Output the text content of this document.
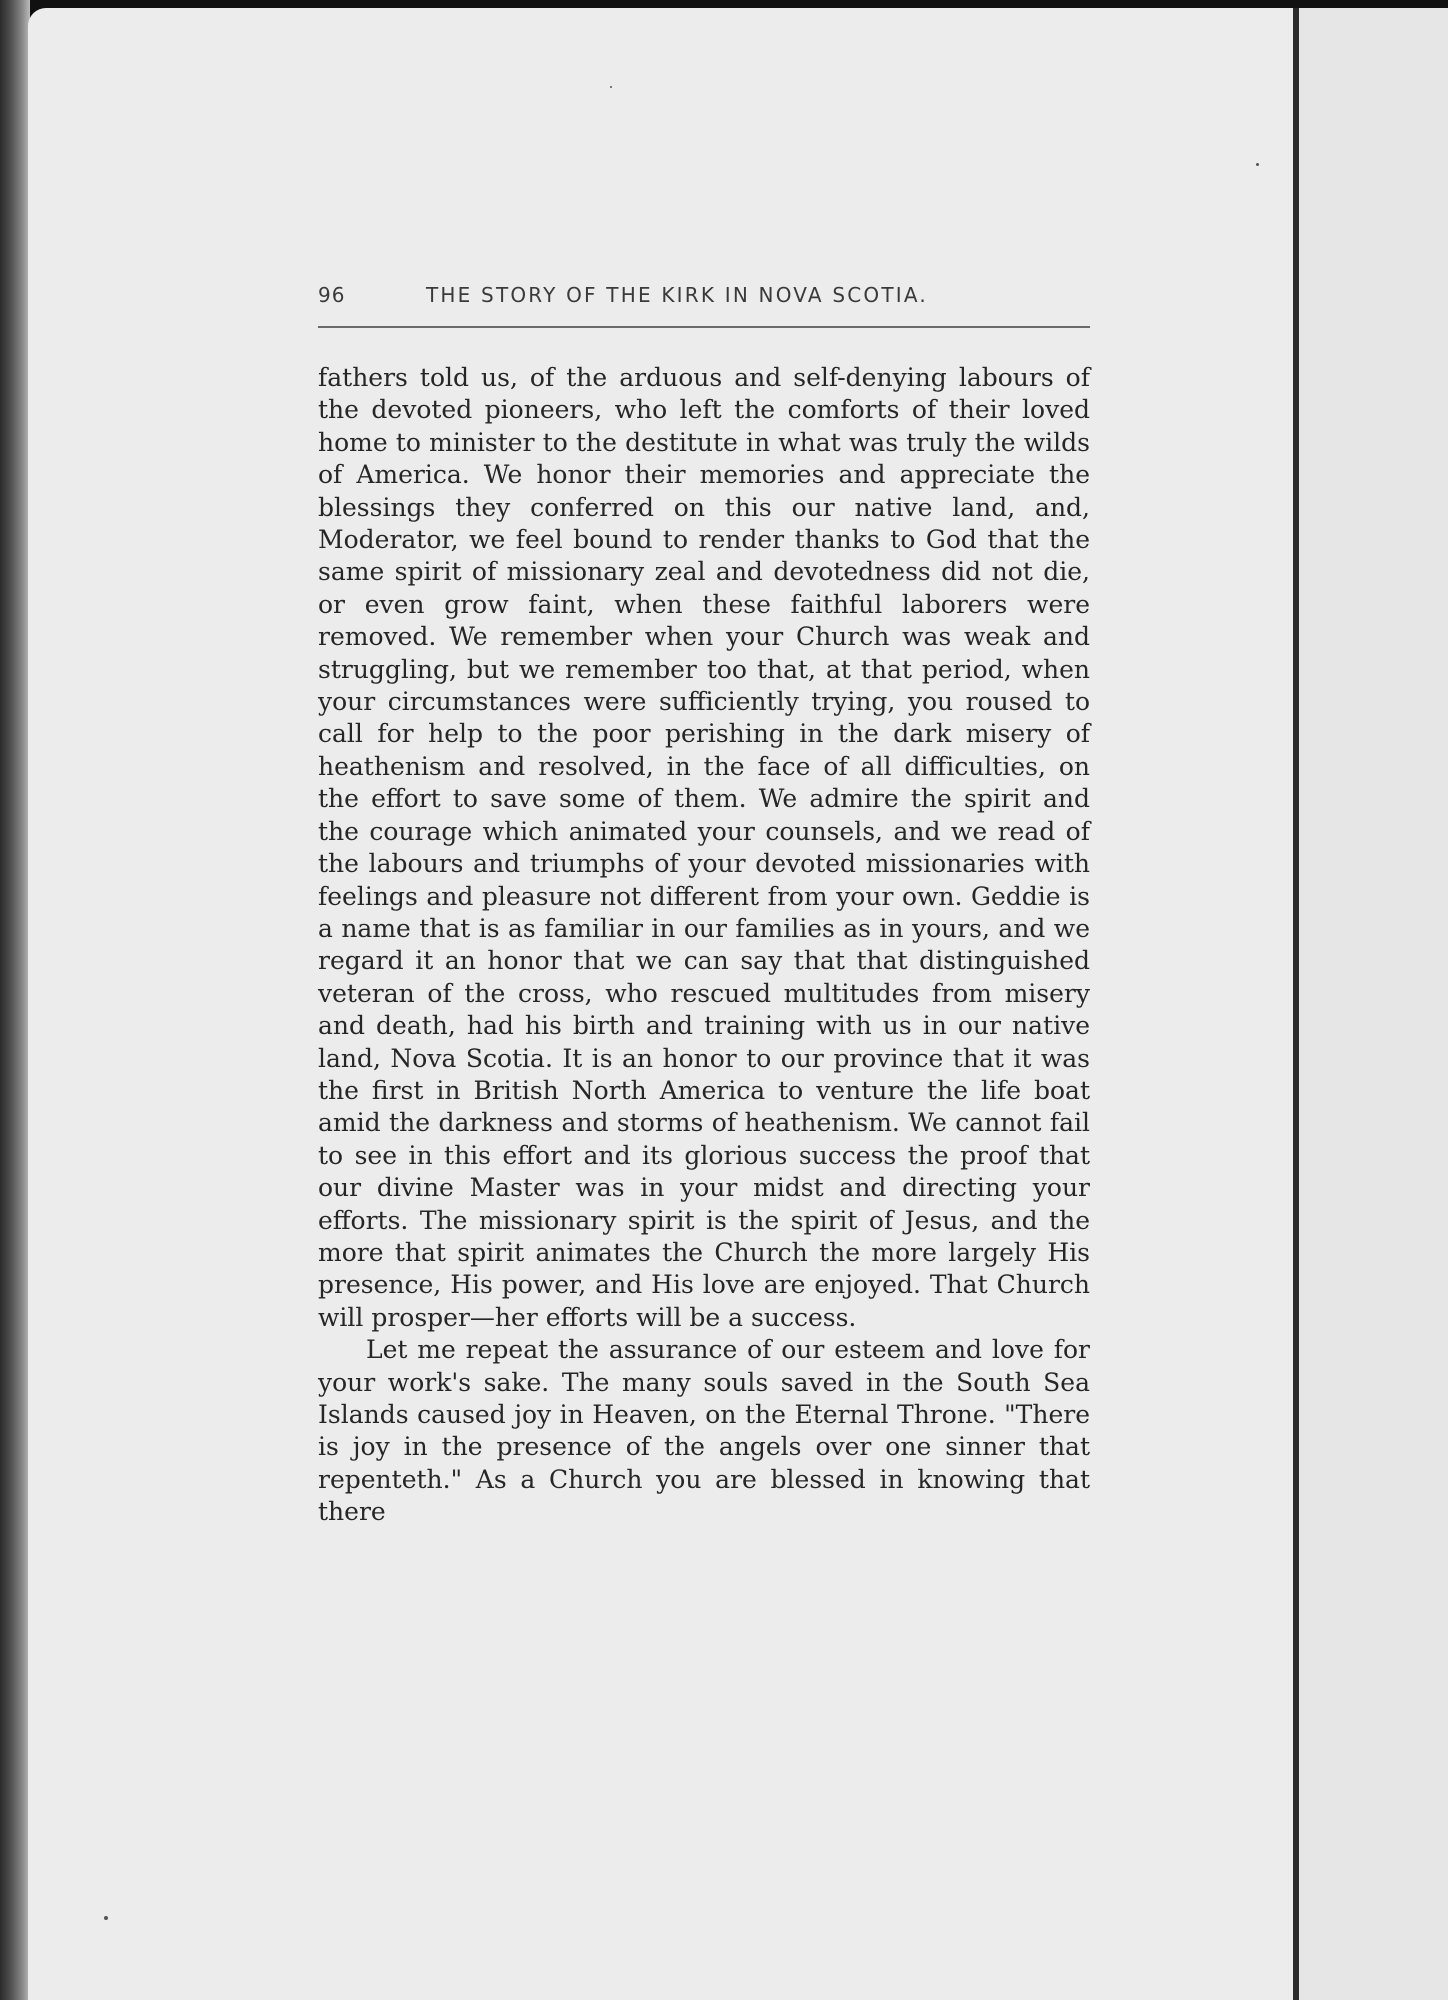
96	THE STORY OF THE KIRK IN NOVA SCOTIA.

fathers told us, of the arduous and self-denying labours of the devoted pioneers, who left the comforts of their loved home to minister to the destitute in what was truly the wilds of America. We honor their memories and appreciate the blessings they conferred on this our native land, and, Moderator, we feel bound to render thanks to God that the same spirit of missionary zeal and devotedness did not die, or even grow faint, when these faithful laborers were removed. We remember when your Church was weak and struggling, but we remember too that, at that period, when your circumstances were sufficiently trying, you roused to call for help to the poor perishing in the dark misery of heathenism and resolved, in the face of all difficulties, on the effort to save some of them. We admire the spirit and the courage which animated your counsels, and we read of the labours and triumphs of your devoted missionaries with feelings and pleasure not different from your own. Geddie is a name that is as familiar in our families as in yours, and we regard it an honor that we can say that that distinguished veteran of the cross, who rescued multitudes from misery and death, had his birth and training with us in our native land, Nova Scotia. It is an honor to our province that it was the first in British North America to venture the life boat amid the darkness and storms of heathenism. We cannot fail to see in this effort and its glorious success the proof that our divine Master was in your midst and directing your efforts. The missionary spirit is the spirit of Jesus, and the more that spirit animates the Church the more largely His presence, His power, and His love are enjoyed. That Church will prosper—her efforts will be a success.

Let me repeat the assurance of our esteem and love for your work's sake. The many souls saved in the South Sea Islands caused joy in Heaven, on the Eternal Throne. "There is joy in the presence of the angels over one sinner that repenteth." As a Church you are blessed in knowing that there
